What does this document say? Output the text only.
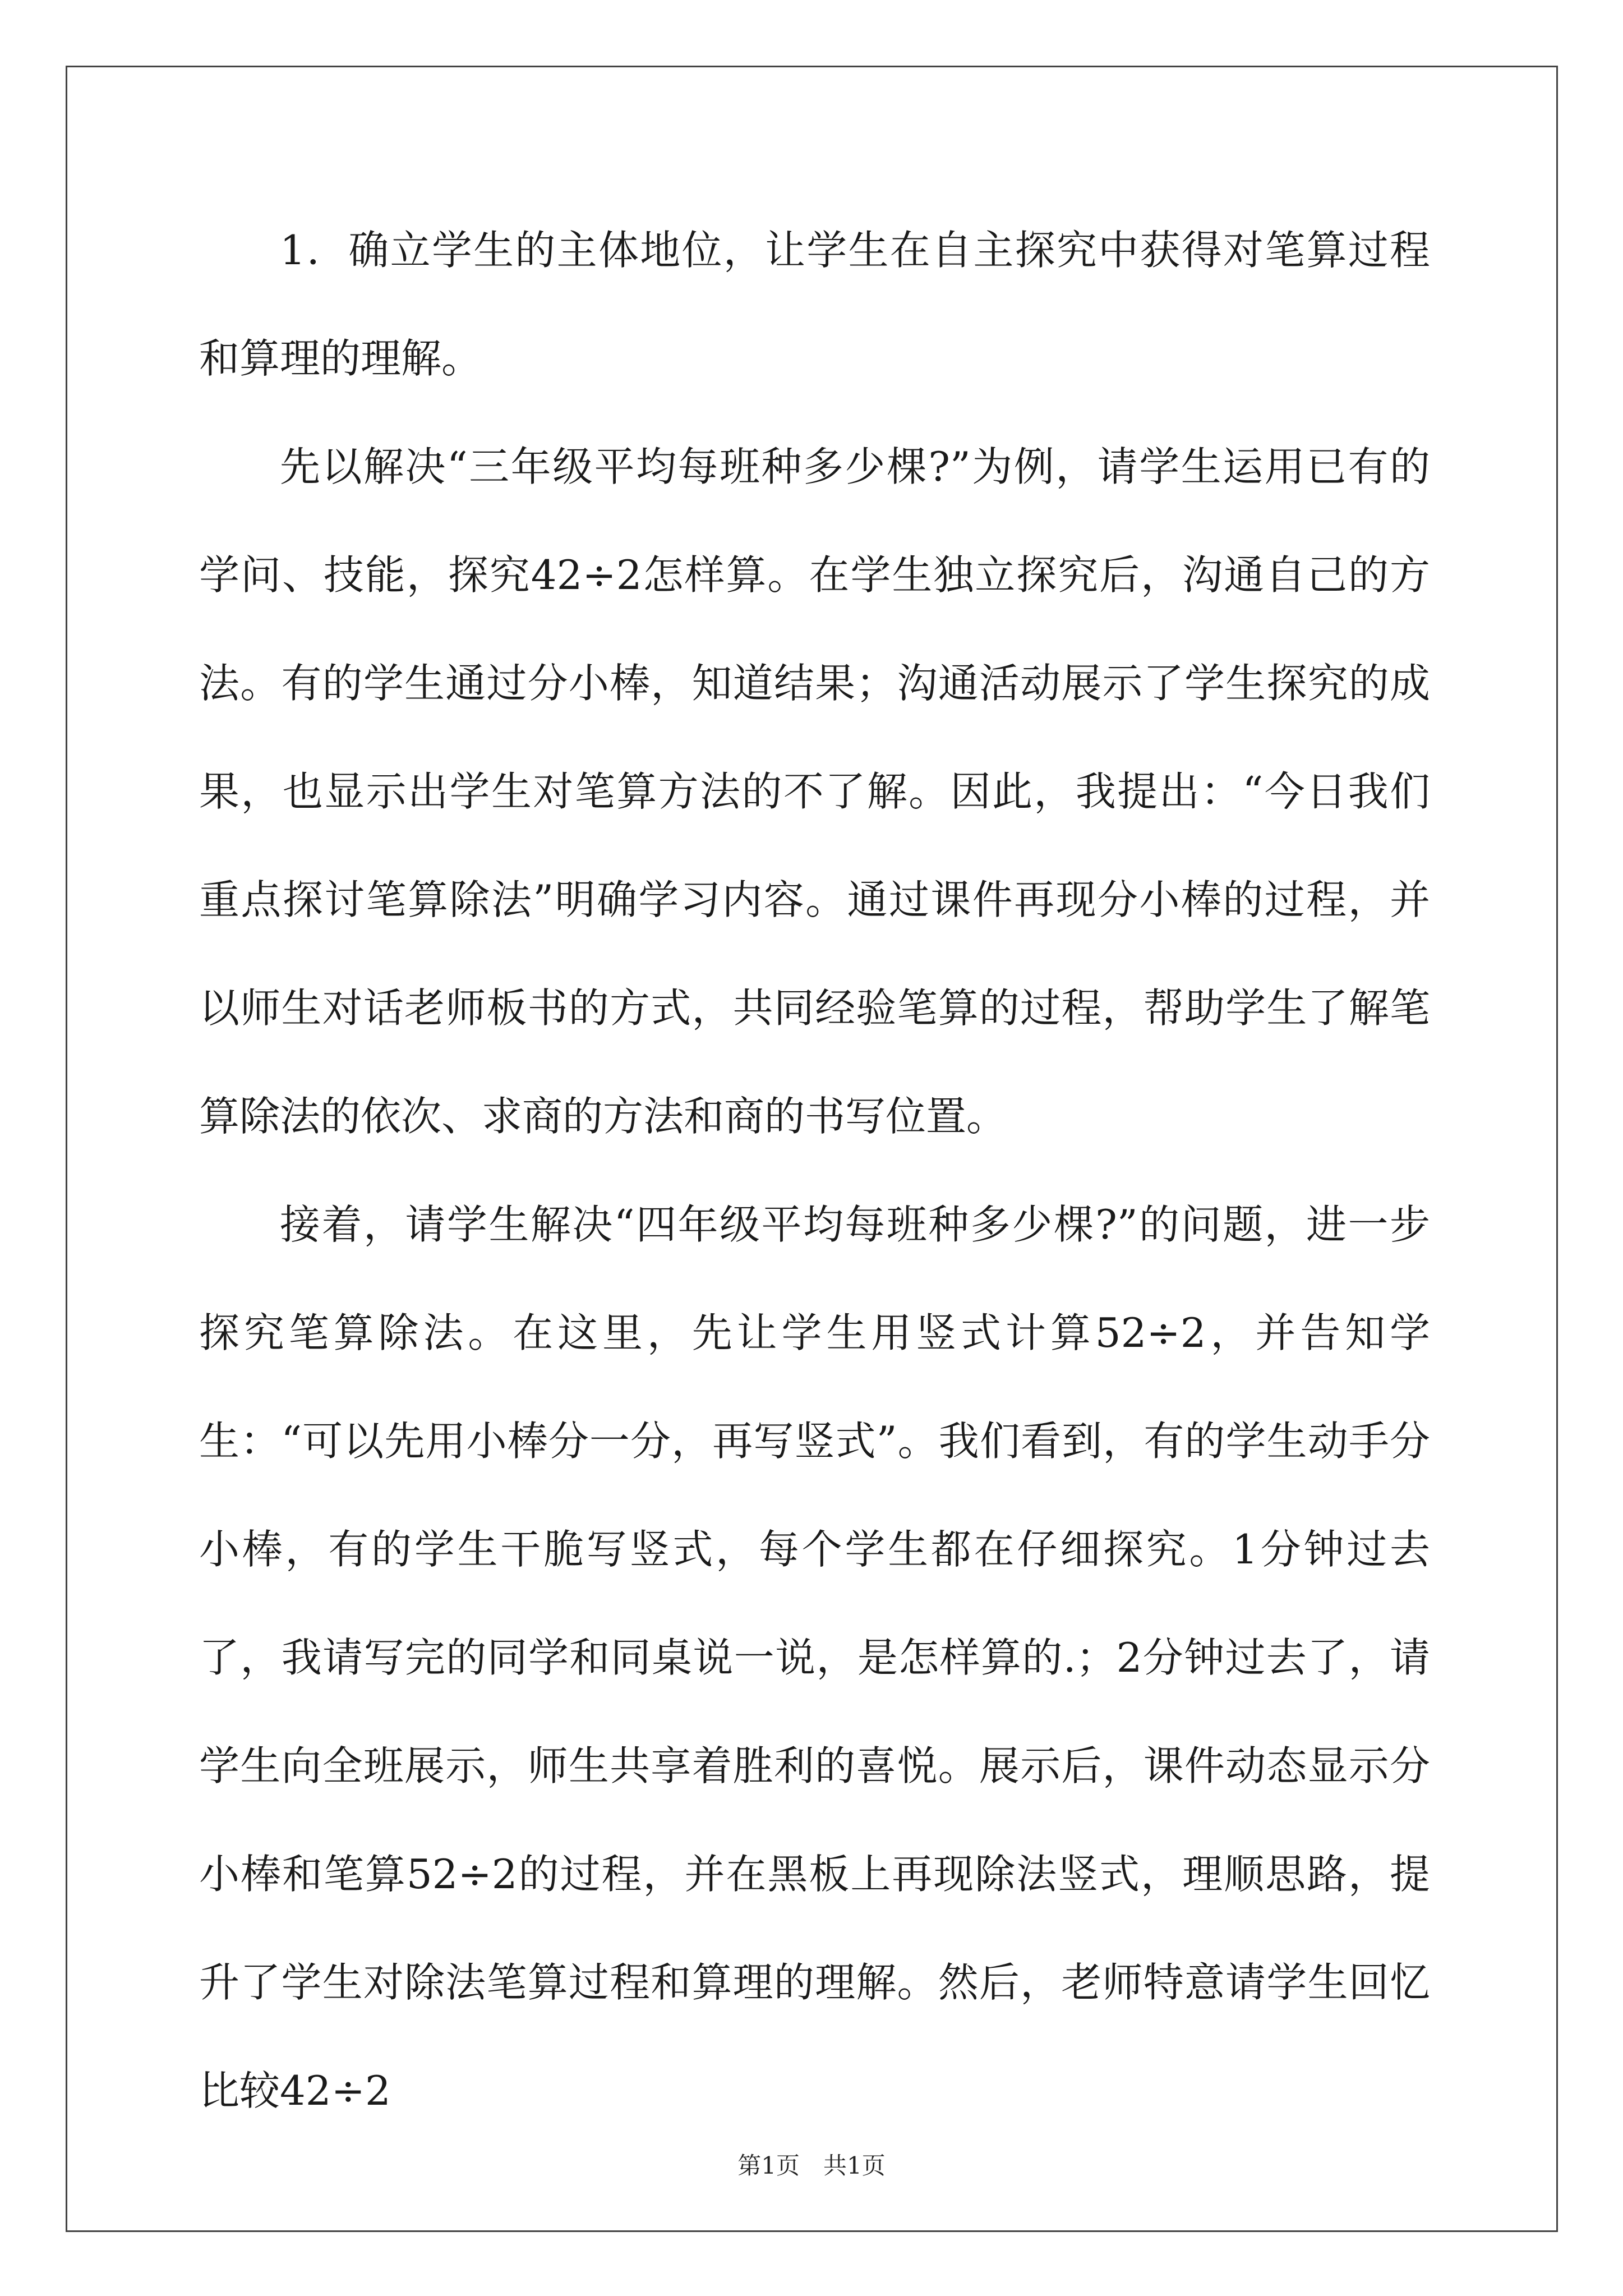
1．确立学生的主体地位，让学生在自主探究中获得对笔算过程和算理的理解。

先以解决“三年级平均每班种多少棵?”为例，请学生运用已有的学问、技能，探究42÷2怎样算。在学生独立探究后，沟通自己的方法。有的学生通过分小棒，知道结果；沟通活动展示了学生探究的成果，也显示出学生对笔算方法的不了解。因此，我提出：“今日我们重点探讨笔算除法”明确学习内容。通过课件再现分小棒的过程，并以师生对话老师板书的方式，共同经验笔算的过程，帮助学生了解笔算除法的依次、求商的方法和商的书写位置。

接着，请学生解决“四年级平均每班种多少棵?”的问题，进一步探究笔算除法。在这里，先让学生用竖式计算52÷2，并告知学生：“可以先用小棒分一分，再写竖式”。我们看到，有的学生动手分小棒，有的学生干脆写竖式，每个学生都在仔细探究。1分钟过去了，我请写完的同学和同桌说一说，是怎样算的.；2分钟过去了，请学生向全班展示，师生共享着胜利的喜悦。展示后，课件动态显示分小棒和笔算52÷2的过程，并在黑板上再现除法竖式，理顺思路，提升了学生对除法笔算过程和算理的理解。然后，老师特意请学生回忆比较42÷2

第1页　共1页
